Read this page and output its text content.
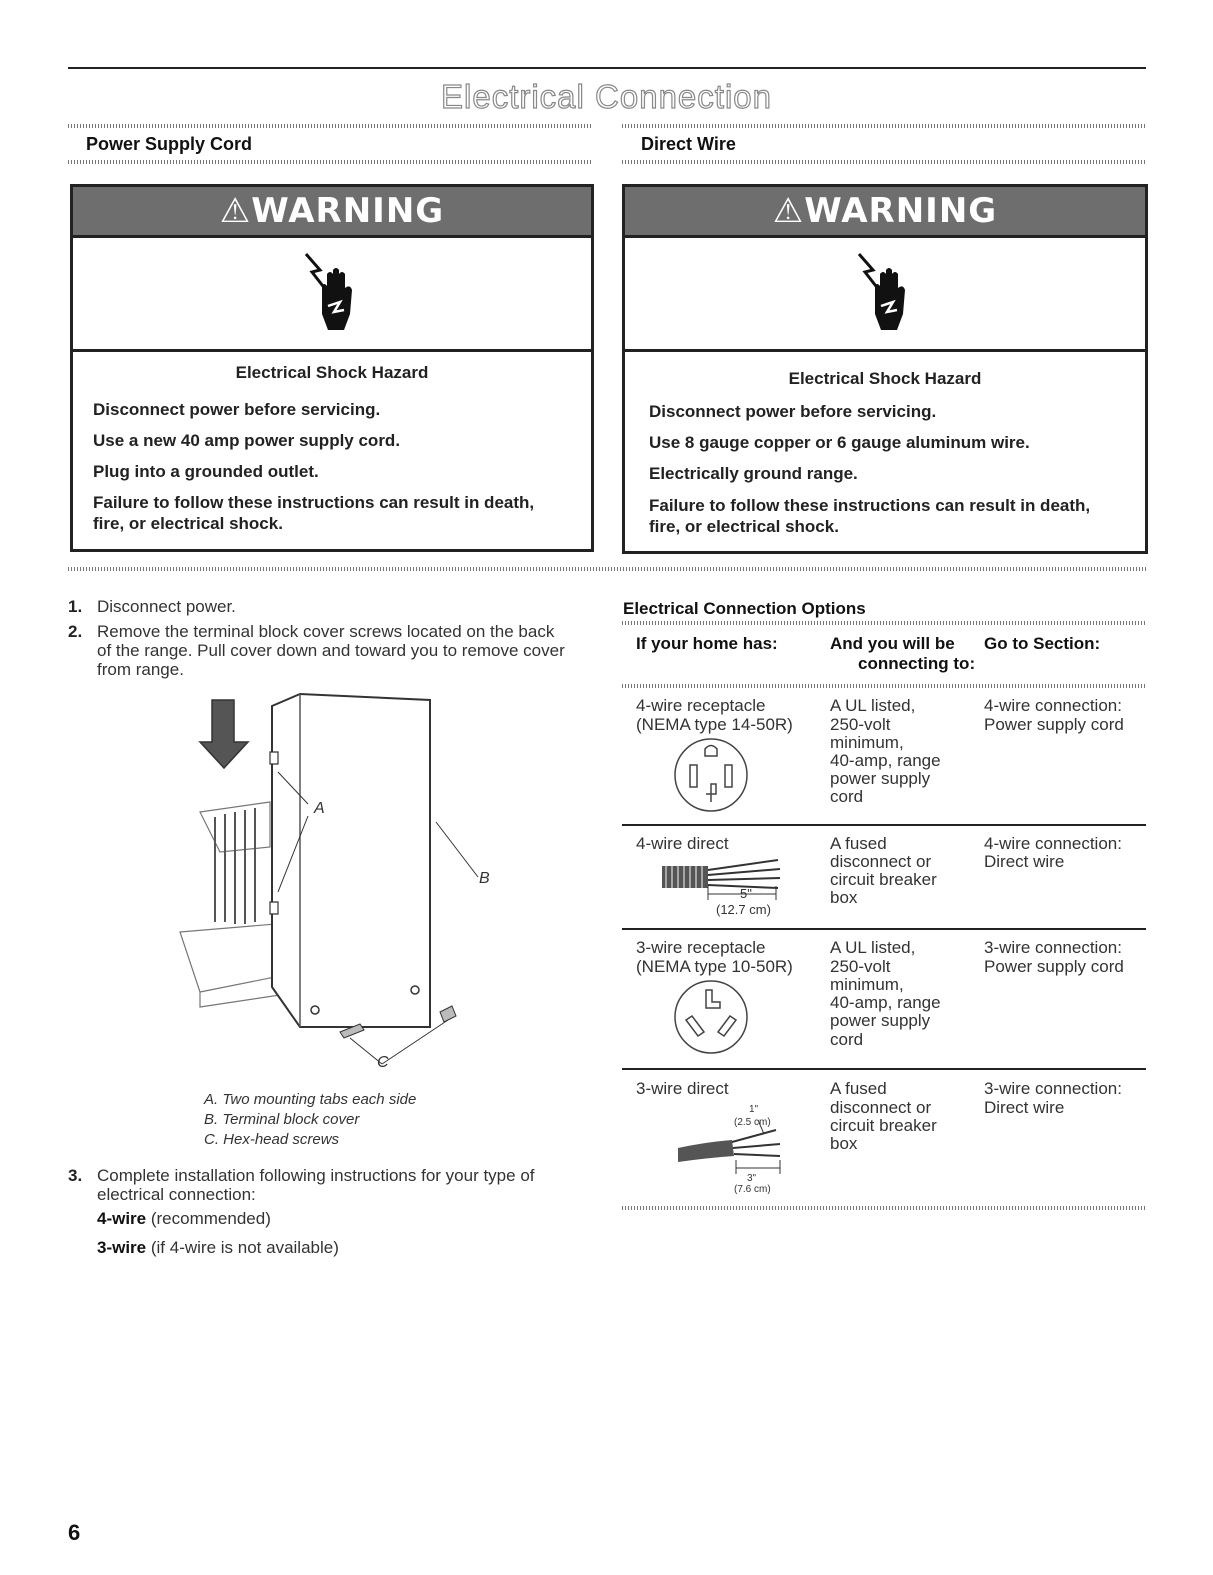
Electrical Connection
Power Supply Cord	Direct Wire
⚠WARNING
Electrical Shock Hazard
Disconnect power before servicing.
Use a new 40 amp power supply cord.
Plug into a grounded outlet.
Failure to follow these instructions can result in death,
fire, or electrical shock.
⚠WARNING
Electrical Shock Hazard
Disconnect power before servicing.
Use 8 gauge copper or 6 gauge aluminum wire.
Electrically ground range.
Failure to follow these instructions can result in death,
fire, or electrical shock.
1. Disconnect power.
2. Remove the terminal block cover screws located on the back
of the range. Pull cover down and toward you to remove cover
from range.
A
B
C
A. Two mounting tabs each side
B. Terminal block cover
C. Hex-head screws
3. Complete installation following instructions for your type of
electrical connection:
4-wire (recommended)
3-wire (if 4-wire is not available)
Electrical Connection Options
If your home has:	And you will be
connecting to:
Go to Section:
4-wire receptacle
(NEMA type 14-50R)
A UL listed,
250-volt
minimum,
40-amp, range
power supply
cord
4-wire connection:
Power supply cord
4-wire direct
5"
(12.7 cm)
A fused
disconnect or
circuit breaker
box
4-wire connection:
Direct wire
3-wire receptacle
(NEMA type 10-50R)
A UL listed,
250-volt
minimum,
40-amp, range
power supply
cord
3-wire connection:
Power supply cord
3-wire direct
1"
(2.5 cm)
3"
(7.6 cm)
A fused
disconnect or
circuit breaker
box
3-wire connection:
Direct wire
6
